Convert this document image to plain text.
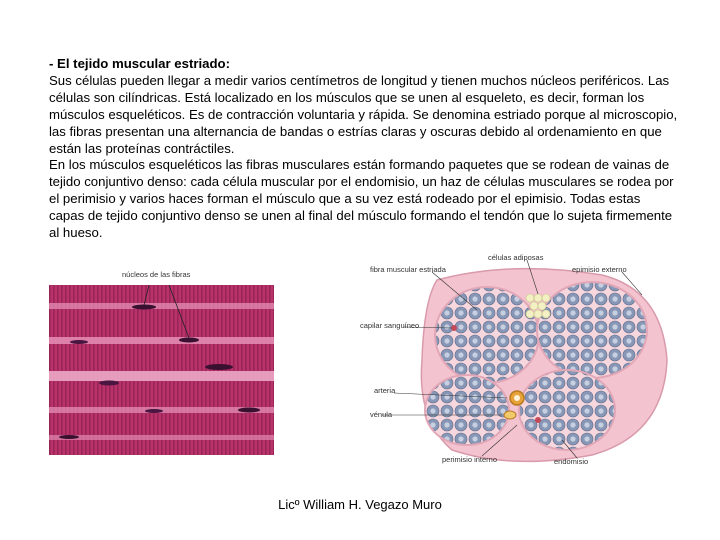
- El tejido muscular estriado:

Sus células pueden llegar a medir varios centímetros de longitud y tienen muchos núcleos periféricos. Las células son cilíndricas. Está localizado en los músculos que se unen al esqueleto, es decir, forman los músculos esqueléticos. Es de contracción voluntaria y rápida. Se denomina estriado porque al microscopio, las fibras presentan una alternancia de bandas o estrías claras y oscuras debido al ordenamiento en que están las proteínas contráctiles.

En los músculos esqueléticos las fibras musculares están formando paquetes que se rodean de vainas de tejido conjuntivo denso: cada célula muscular por el endomisio, un haz de células musculares se rodea por el perimisio y varios haces forman el músculo que a su vez está rodeado por el epimisio. Todas estas capas de tejido conjuntivo denso se unen al final del músculo formando el tendón que lo sujeta firmemente al hueso.

núcleos de las fibras
células adiposas
fibra muscular estriada	epimisio externo
capilar sanguíneo
arteria
vénula
perimisio interno	endomisio
Licº William H. Vegazo Muro
